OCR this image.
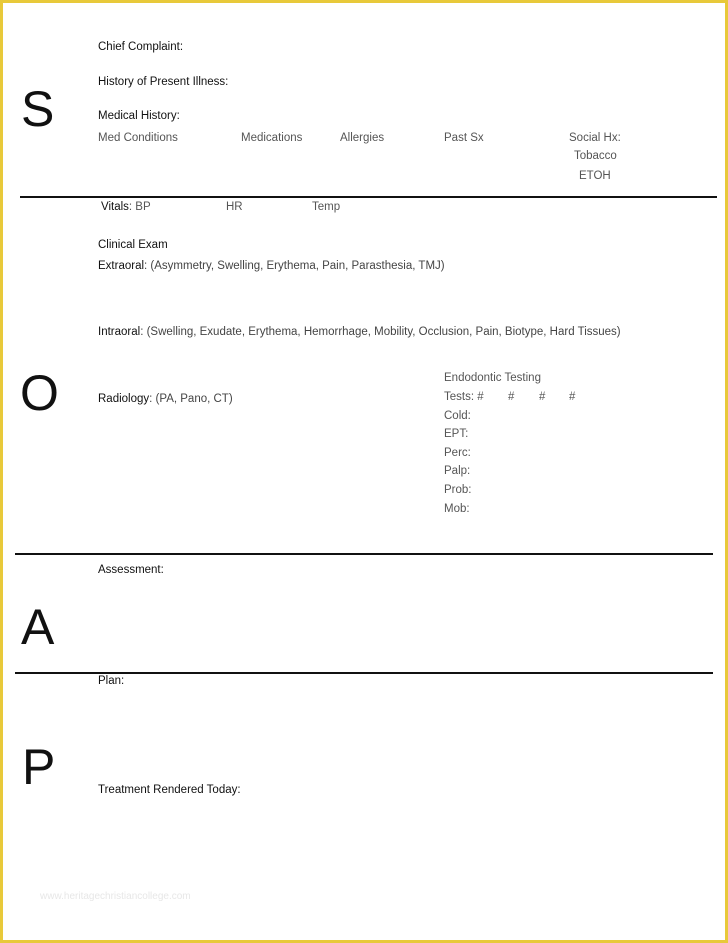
S
O
A
P
Chief Complaint:
History of Present Illness:
Medical History:
Med Conditions	Medications	Allergies	Past Sx	Social Hx:
Tobacco
ETOH
Vitals: BP	HR	Temp
Clinical Exam
Extraoral: (Asymmetry, Swelling, Erythema, Pain, Parasthesia, TMJ)
Intraoral: (Swelling, Exudate, Erythema, Hemorrhage, Mobility, Occlusion, Pain, Biotype, Hard Tissues)
Radiology: (PA, Pano, CT)
Endodontic Testing
Tests: # # # #
Cold:
EPT:
Perc:
Palp:
Prob:
Mob:
Assessment:
Plan:
Treatment Rendered Today:
www.heritagechristiancollege.com
